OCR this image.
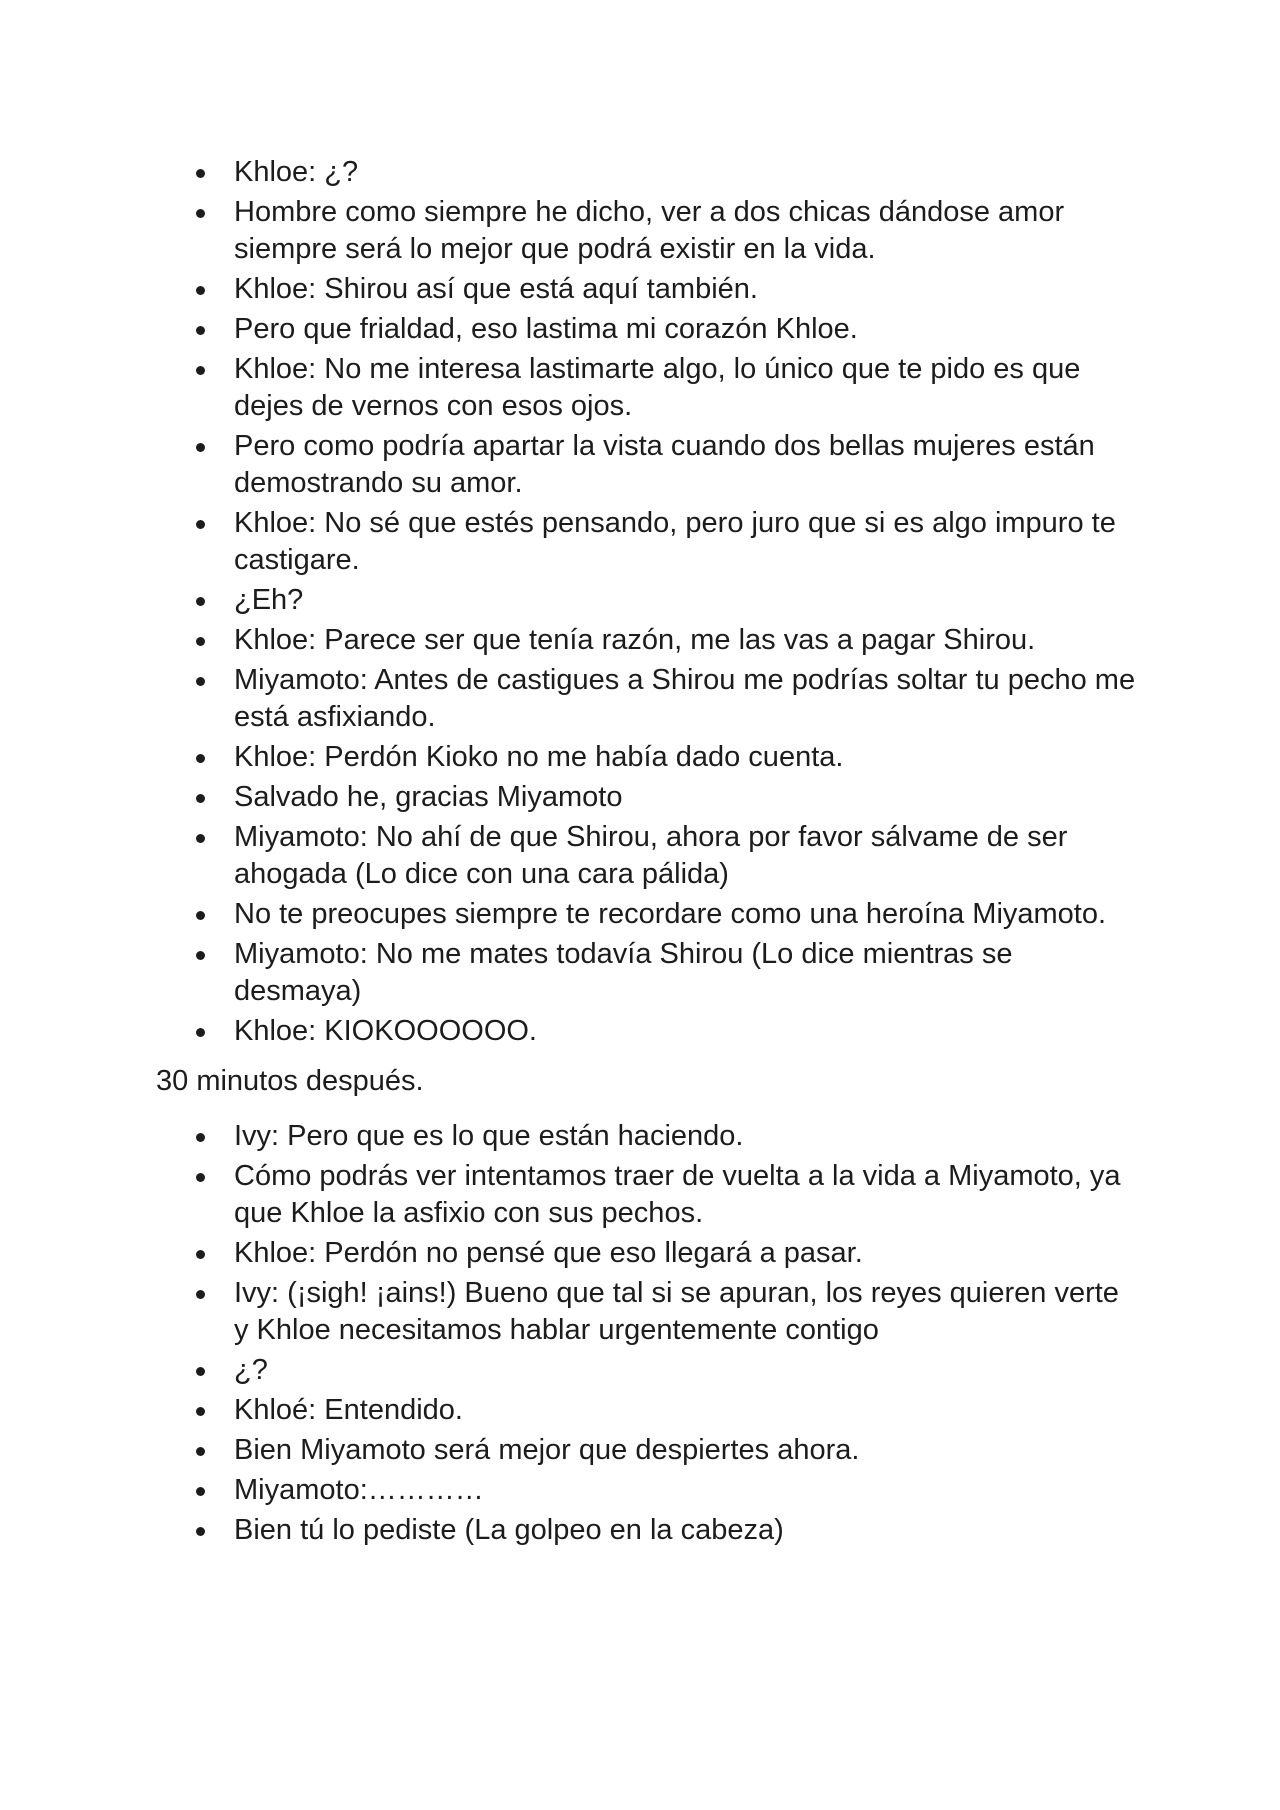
Khloe: ¿?
Hombre como siempre he dicho, ver a dos chicas dándose amor siempre será lo mejor que podrá existir en la vida.
Khloe: Shirou así que está aquí también.
Pero que frialdad, eso lastima mi corazón Khloe.
Khloe: No me interesa lastimarte algo, lo único que te pido es que dejes de vernos con esos ojos.
Pero como podría apartar la vista cuando dos bellas mujeres están demostrando su amor.
Khloe: No sé que estés pensando, pero juro que si es algo impuro te castigare.
¿Eh?
Khloe: Parece ser que tenía razón, me las vas a pagar Shirou.
Miyamoto: Antes de castigues a Shirou me podrías soltar tu pecho me está asfixiando.
Khloe: Perdón Kioko no me había dado cuenta.
Salvado he, gracias Miyamoto
Miyamoto: No ahí de que Shirou, ahora por favor sálvame de ser ahogada (Lo dice con una cara pálida)
No te preocupes siempre te recordare como una heroína Miyamoto.
Miyamoto: No me mates todavía Shirou (Lo dice mientras se desmaya)
Khloe: KIOKOOOOOO.

30 minutos después.

Ivy: Pero que es lo que están haciendo.
Cómo podrás ver intentamos traer de vuelta a la vida a Miyamoto, ya que Khloe la asfixio con sus pechos.
Khloe: Perdón no pensé que eso llegará a pasar.
Ivy: (¡sigh! ¡ains!) Bueno que tal si se apuran, los reyes quieren verte y Khloe necesitamos hablar urgentemente contigo
¿?
Khloé: Entendido.
Bien Miyamoto será mejor que despiertes ahora.
Miyamoto:…………
Bien tú lo pediste (La golpeo en la cabeza)
